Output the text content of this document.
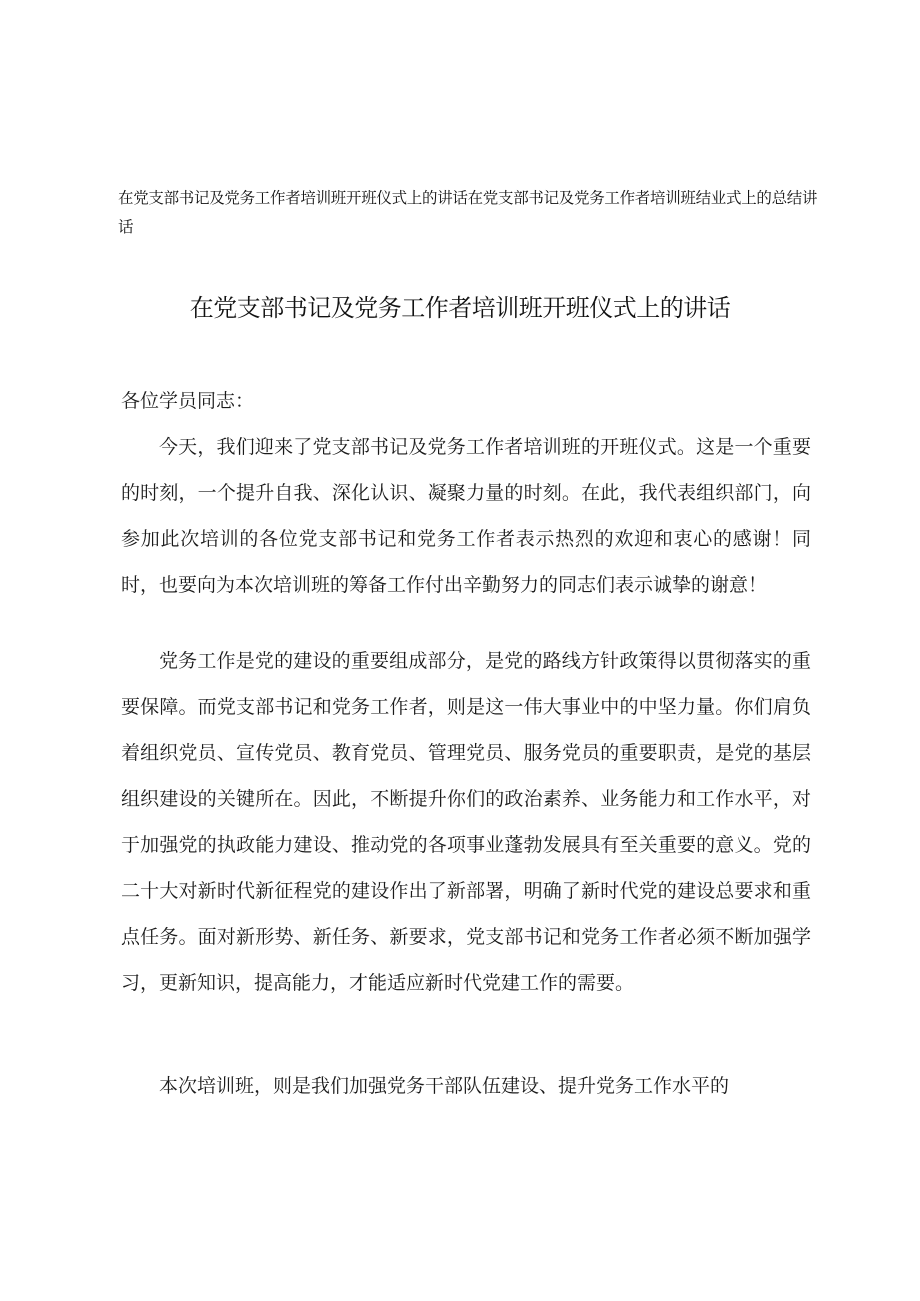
在党支部书记及党务工作者培训班开班仪式上的讲话在党支部书记及党务工作者培训班结业式上的总结讲话
在党支部书记及党务工作者培训班开班仪式上的讲话
各位学员同志：

今天，我们迎来了党支部书记及党务工作者培训班的开班仪式。这是一个重要的时刻，一个提升自我、深化认识、凝聚力量的时刻。在此，我代表组织部门，向参加此次培训的各位党支部书记和党务工作者表示热烈的欢迎和衷心的感谢！同时，也要向为本次培训班的筹备工作付出辛勤努力的同志们表示诚挚的谢意！

党务工作是党的建设的重要组成部分，是党的路线方针政策得以贯彻落实的重要保障。而党支部书记和党务工作者，则是这一伟大事业中的中坚力量。你们肩负着组织党员、宣传党员、教育党员、管理党员、服务党员的重要职责，是党的基层组织建设的关键所在。因此，不断提升你们的政治素养、业务能力和工作水平，对于加强党的执政能力建设、推动党的各项事业蓬勃发展具有至关重要的意义。党的二十大对新时代新征程党的建设作出了新部署，明确了新时代党的建设总要求和重点任务。面对新形势、新任务、新要求，党支部书记和党务工作者必须不断加强学习，更新知识，提高能力，才能适应新时代党建工作的需要。

本次培训班，则是我们加强党务干部队伍建设、提升党务工作水平的
